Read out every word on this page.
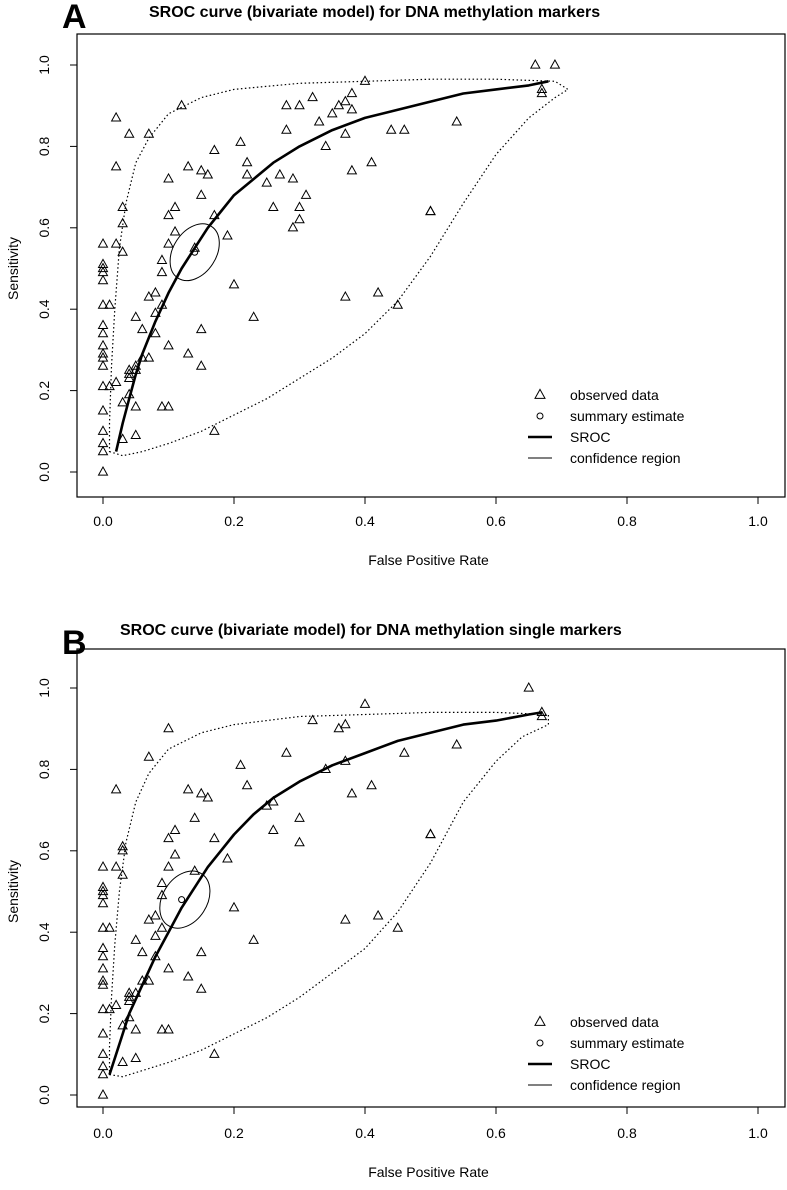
A	SROC curve (bivariate model) for DNA methylation markers
0.0	0.2	0.4	0.6	0.8	1.0
0.0
0.2
0.4
0.6
0.8
1.0
False Positive Rate
Sensitivity
observed data
summary estimate
SROC
confidence region
B SROC curve (bivariate model) for DNA methylation single markers
0.0	0.2	0.4	0.6	0.8	1.0
0.0
0.2
0.4
0.6
0.8
1.0
False Positive Rate
Sensitivity
observed data
summary estimate
SROC
confidence region
